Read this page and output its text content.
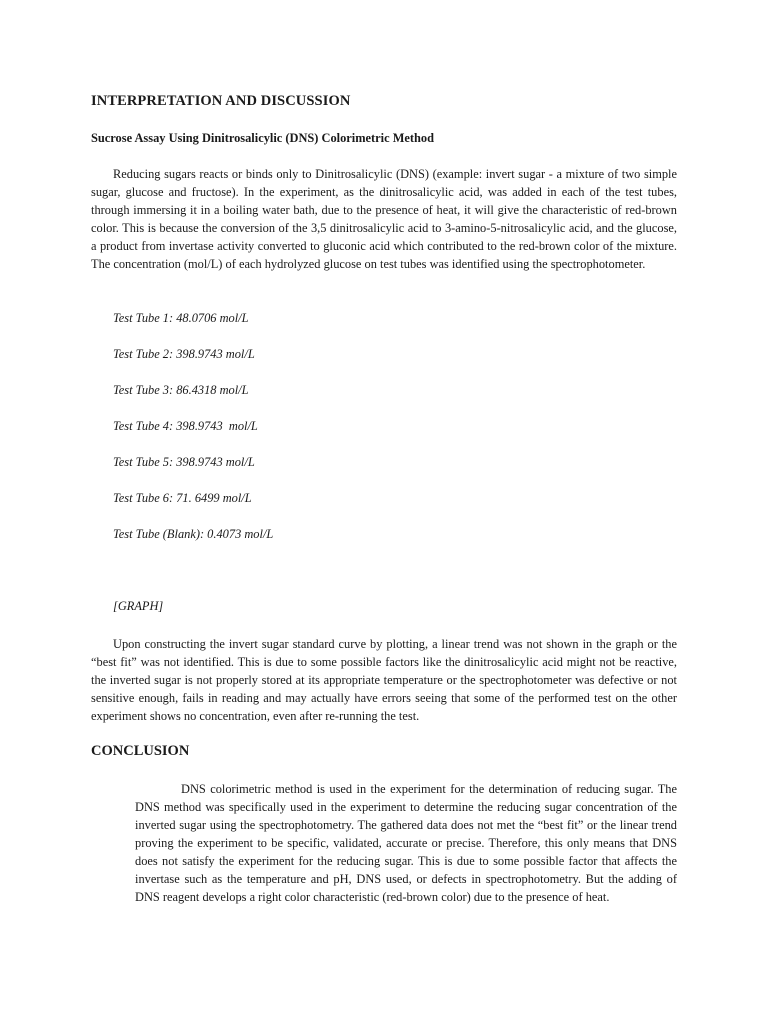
INTERPRETATION AND DISCUSSION
Sucrose Assay Using Dinitrosalicylic (DNS) Colorimetric Method

Reducing sugars reacts or binds only to Dinitrosalicylic (DNS) (example: invert sugar - a mixture of two simple sugar, glucose and fructose). In the experiment, as the dinitrosalicylic acid, was added in each of the test tubes, through immersing it in a boiling water bath, due to the presence of heat, it will give the characteristic of red-brown color. This is because the conversion of the 3,5 dinitrosalicylic acid to 3-amino-5-nitrosalicylic acid, and the glucose, a product from invertase activity converted to gluconic acid which contributed to the red-brown color of the mixture. The concentration (mol/L) of each hydrolyzed glucose on test tubes was identified using the spectrophotometer.

Test Tube 1: 48.0706 mol/L

Test Tube 2: 398.9743 mol/L

Test Tube 3: 86.4318 mol/L

Test Tube 4: 398.9743  mol/L

Test Tube 5: 398.9743 mol/L

Test Tube 6: 71. 6499 mol/L

Test Tube (Blank): 0.4073 mol/L

[GRAPH]

Upon constructing the invert sugar standard curve by plotting, a linear trend was not shown in the graph or the “best fit” was not identified. This is due to some possible factors like the dinitrosalicylic acid might not be reactive, the inverted sugar is not properly stored at its appropriate temperature or the spectrophotometer was defective or not sensitive enough, fails in reading and may actually have errors seeing that some of the performed test on the other experiment shows no concentration, even after re-running the test.

CONCLUSION

DNS colorimetric method is used in the experiment for the determination of reducing sugar. The DNS method was specifically used in the experiment to determine the reducing sugar concentration of the inverted sugar using the spectrophotometry. The gathered data does not met the “best fit” or the linear trend proving the experiment to be specific, validated, accurate or precise. Therefore, this only means that DNS does not satisfy the experiment for the reducing sugar. This is due to some possible factor that affects the invertase such as the temperature and pH, DNS used, or defects in spectrophotometry. But the adding of DNS reagent develops a right color characteristic (red-brown color) due to the presence of heat.
